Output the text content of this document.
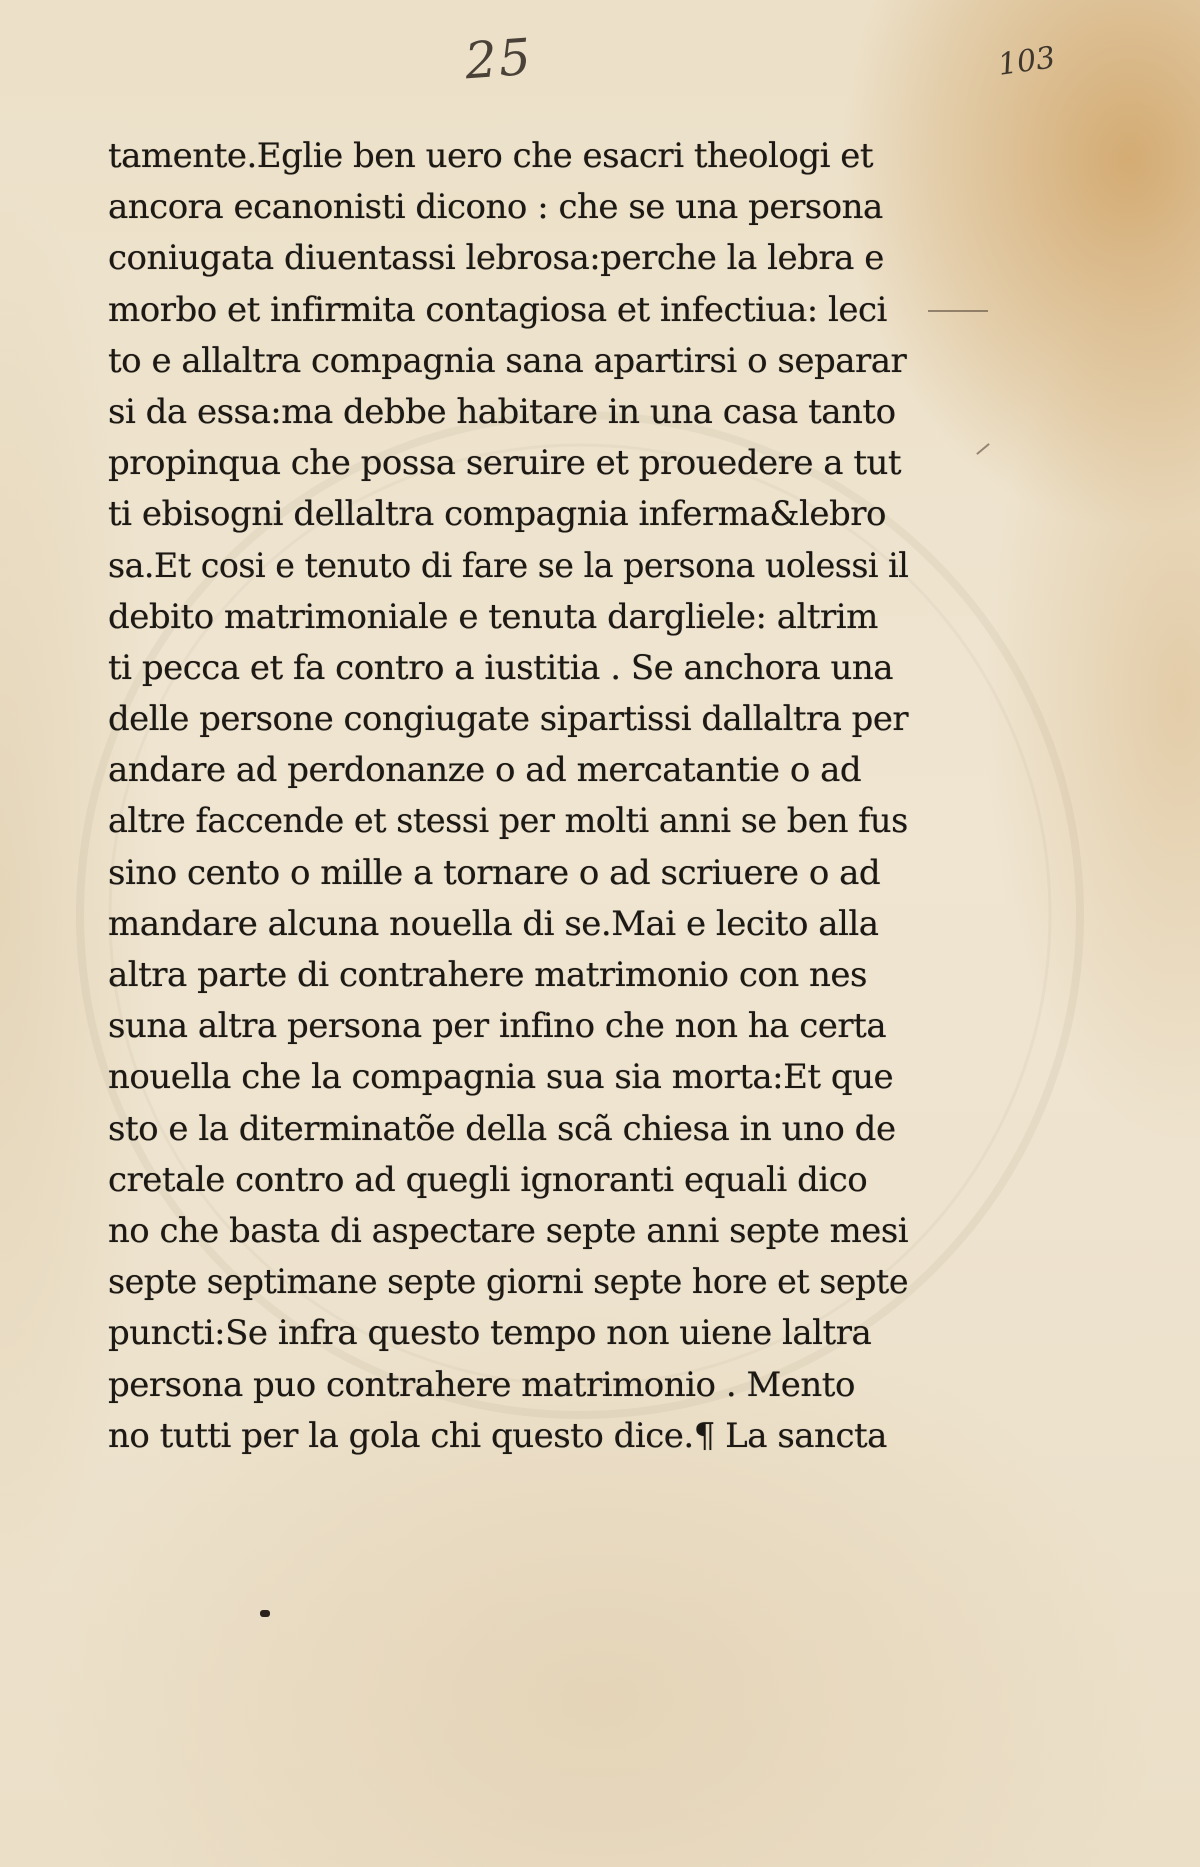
25	103
tamente.Eglie ben uero che esacri theologi et
ancora ecanonisti dicono : che se una persona
coniugata diuentassi lebrosa:perche la lebra e
morbo et infirmita contagiosa et infectiua: leci
to e allaltra compagnia sana apartirsi o separar
si da essa:ma debbe habitare in una casa tanto
propinqua che possa seruire et prouedere a tut
ti ebisogni dellaltra compagnia inferma&lebro
sa.Et cosi e tenuto di fare se la persona uolessi il
debito matrimoniale e tenuta dargliele: altrim
ti pecca et fa contro a iustitia . Se anchora una
delle persone congiugate sipartissi dallaltra per
andare ad perdonanze o ad mercatantie o ad
altre faccende et stessi per molti anni se ben fus
sino cento o mille a tornare o ad scriuere o ad
mandare alcuna nouella di se.Mai e lecito alla
altra parte di contrahere matrimonio con nes
suna altra persona per infino che non ha certa
nouella che la compagnia sua sia morta:Et que
sto e la diterminatõe della scã chiesa in uno de
cretale contro ad quegli ignoranti equali dico
no che basta di aspectare septe anni septe mesi
septe septimane septe giorni septe hore et septe
puncti:Se infra questo tempo non uiene laltra
persona puo contrahere matrimonio . Mento
no tutti per la gola chi questo dice.¶ La sancta
